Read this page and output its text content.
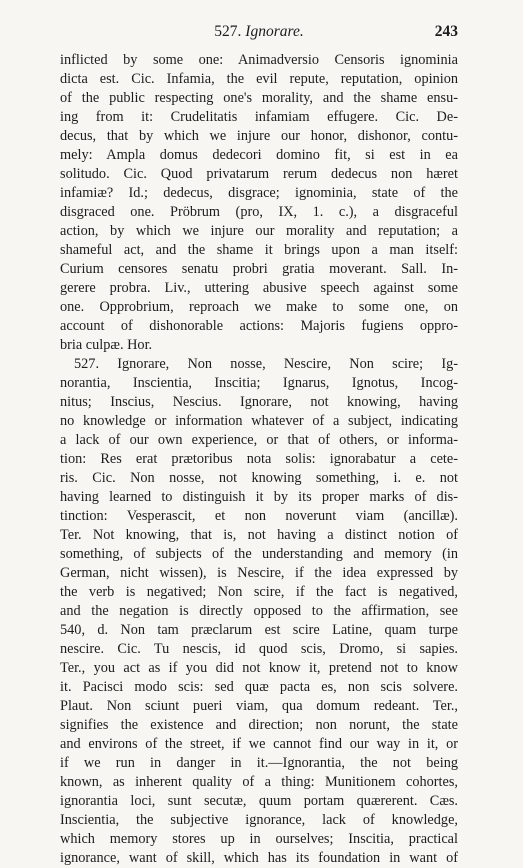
527. Ignorare.	243
inflicted by some one: Animadversio Censoris ignominia
dicta est. Cic. Infamia, the evil repute, reputation, opinion
of the public respecting one's morality, and the shame ensu-
ing from it: Crudelitatis infamiam effugere. Cic. De-
decus, that by which we injure our honor, dishonor, contu-
mely: Ampla domus dedecori domino fit, si est in ea
solitudo. Cic. Quod privatarum rerum dedecus non hæret
infamiæ? Id.; dedecus, disgrace; ignominia, state of the
disgraced one. Pröbrum (pro, IX, 1. c.), a disgraceful
action, by which we injure our morality and reputation; a
shameful act, and the shame it brings upon a man itself:
Curium censores senatu probri gratia moverant. Sall. In-
gerere probra. Liv., uttering abusive speech against some
one. Opprobrium, reproach we make to some one, on
account of dishonorable actions: Majoris fugiens oppro-
bria culpæ. Hor.
527. Ignorare, Non nosse, Nescire, Non scire; Ig-
norantia, Inscientia, Inscitia; Ignarus, Ignotus, Incog-
nitus; Inscius, Nescius. Ignorare, not knowing, having
no knowledge or information whatever of a subject, indicating
a lack of our own experience, or that of others, or informa-
tion: Res erat prætoribus nota solis: ignorabatur a cete-
ris. Cic. Non nosse, not knowing something, i. e. not
having learned to distinguish it by its proper marks of dis-
tinction: Vesperascit, et non noverunt viam (ancillæ).
Ter. Not knowing, that is, not having a distinct notion of
something, of subjects of the understanding and memory (in
German, nicht wissen), is Nescire, if the idea expressed by
the verb is negatived; Non scire, if the fact is negatived,
and the negation is directly opposed to the affirmation, see
540, d. Non tam præclarum est scire Latine, quam turpe
nescire. Cic. Tu nescis, id quod scis, Dromo, si sapies.
Ter., you act as if you did not know it, pretend not to know
it. Pacisci modo scis: sed quæ pacta es, non scis solvere.
Plaut. Non sciunt pueri viam, qua domum redeant. Ter.,
signifies the existence and direction; non norunt, the state
and environs of the street, if we cannot find our way in it, or
if we run in danger in it.—Ignorantia, the not being
known, as inherent quality of a thing: Munitionem cohortes,
ignorantia loci, sunt secutæ, quum portam quærerent. Cæs.
Inscientia, the subjective ignorance, lack of knowledge,
which memory stores up in ourselves; Inscitia, practical
ignorance, want of skill, which has its foundation in want of
